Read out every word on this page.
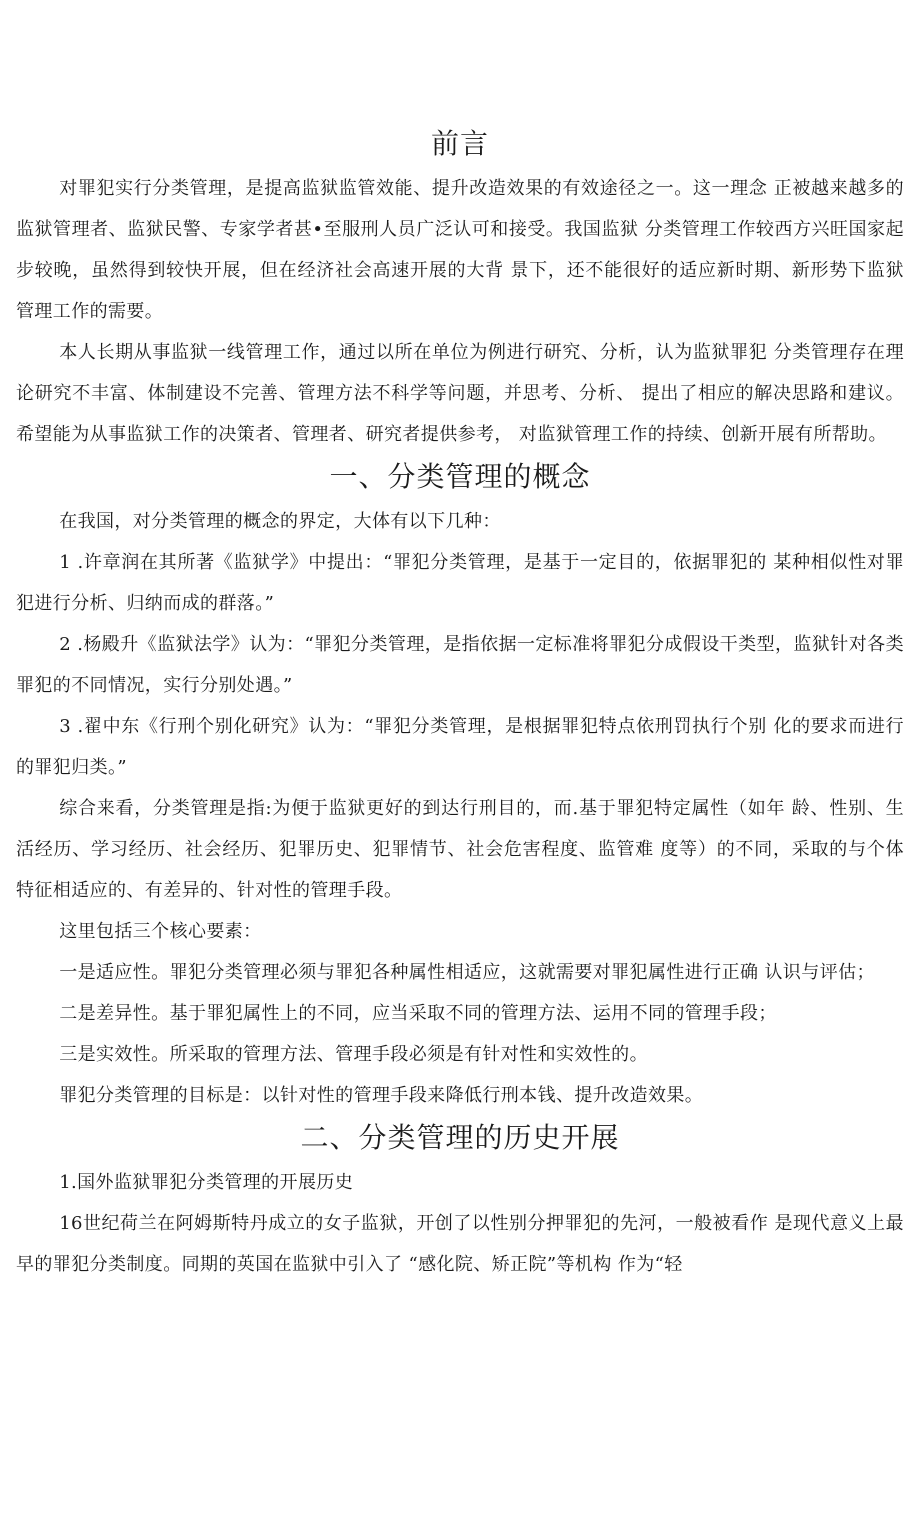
前言

对罪犯实行分类管理，是提高监狱监管效能、提升改造效果的有效途径之一。这一理念 正被越来越多的监狱管理者、监狱民警、专家学者甚•至服刑人员广泛认可和接受。我国监狱 分类管理工作较西方兴旺国家起步较晚，虽然得到较快开展，但在经济社会高速开展的大背 景下，还不能很好的适应新时期、新形势下监狱管理工作的需要。

本人长期从事监狱一线管理工作，通过以所在单位为例进行研究、分析，认为监狱罪犯 分类管理存在理论研究不丰富、体制建设不完善、管理方法不科学等问题，并思考、分析、 提出了相应的解决思路和建议。希望能为从事监狱工作的决策者、管理者、研究者提供参考， 对监狱管理工作的持续、创新开展有所帮助。

一、分类管理的概念

在我国，对分类管理的概念的界定，大体有以下几种：

1 .许章润在其所著《监狱学》中提出：“罪犯分类管理，是基于一定目的，依据罪犯的 某种相似性对罪犯进行分析、归纳而成的群落。”

2 .杨殿升《监狱法学》认为：“罪犯分类管理，是指依据一定标准将罪犯分成假设干类型，监狱针对各类罪犯的不同情况，实行分别处遇。”

3 .翟中东《行刑个别化研究》认为：“罪犯分类管理，是根据罪犯特点依刑罚执行个别 化的要求而进行的罪犯归类。”

综合来看，分类管理是指:为便于监狱更好的到达行刑目的，而.基于罪犯特定属性（如年 龄、性别、生活经历、学习经历、社会经历、犯罪历史、犯罪情节、社会危害程度、监管难 度等）的不同，采取的与个体特征相适应的、有差异的、针对性的管理手段。

这里包括三个核心要素：

一是适应性。罪犯分类管理必须与罪犯各种属性相适应，这就需要对罪犯属性进行正确 认识与评估；

二是差异性。基于罪犯属性上的不同，应当采取不同的管理方法、运用不同的管理手段；

三是实效性。所采取的管理方法、管理手段必须是有针对性和实效性的。

罪犯分类管理的目标是：以针对性的管理手段来降低行刑本钱、提升改造效果。

二、分类管理的历史开展

1.国外监狱罪犯分类管理的开展历史

16世纪荷兰在阿姆斯特丹成立的女子监狱，开创了以性别分押罪犯的先河，一般被看作 是现代意义上最早的罪犯分类制度。同期的英国在监狱中引入了 “感化院、矫正院”等机构 作为“轻
